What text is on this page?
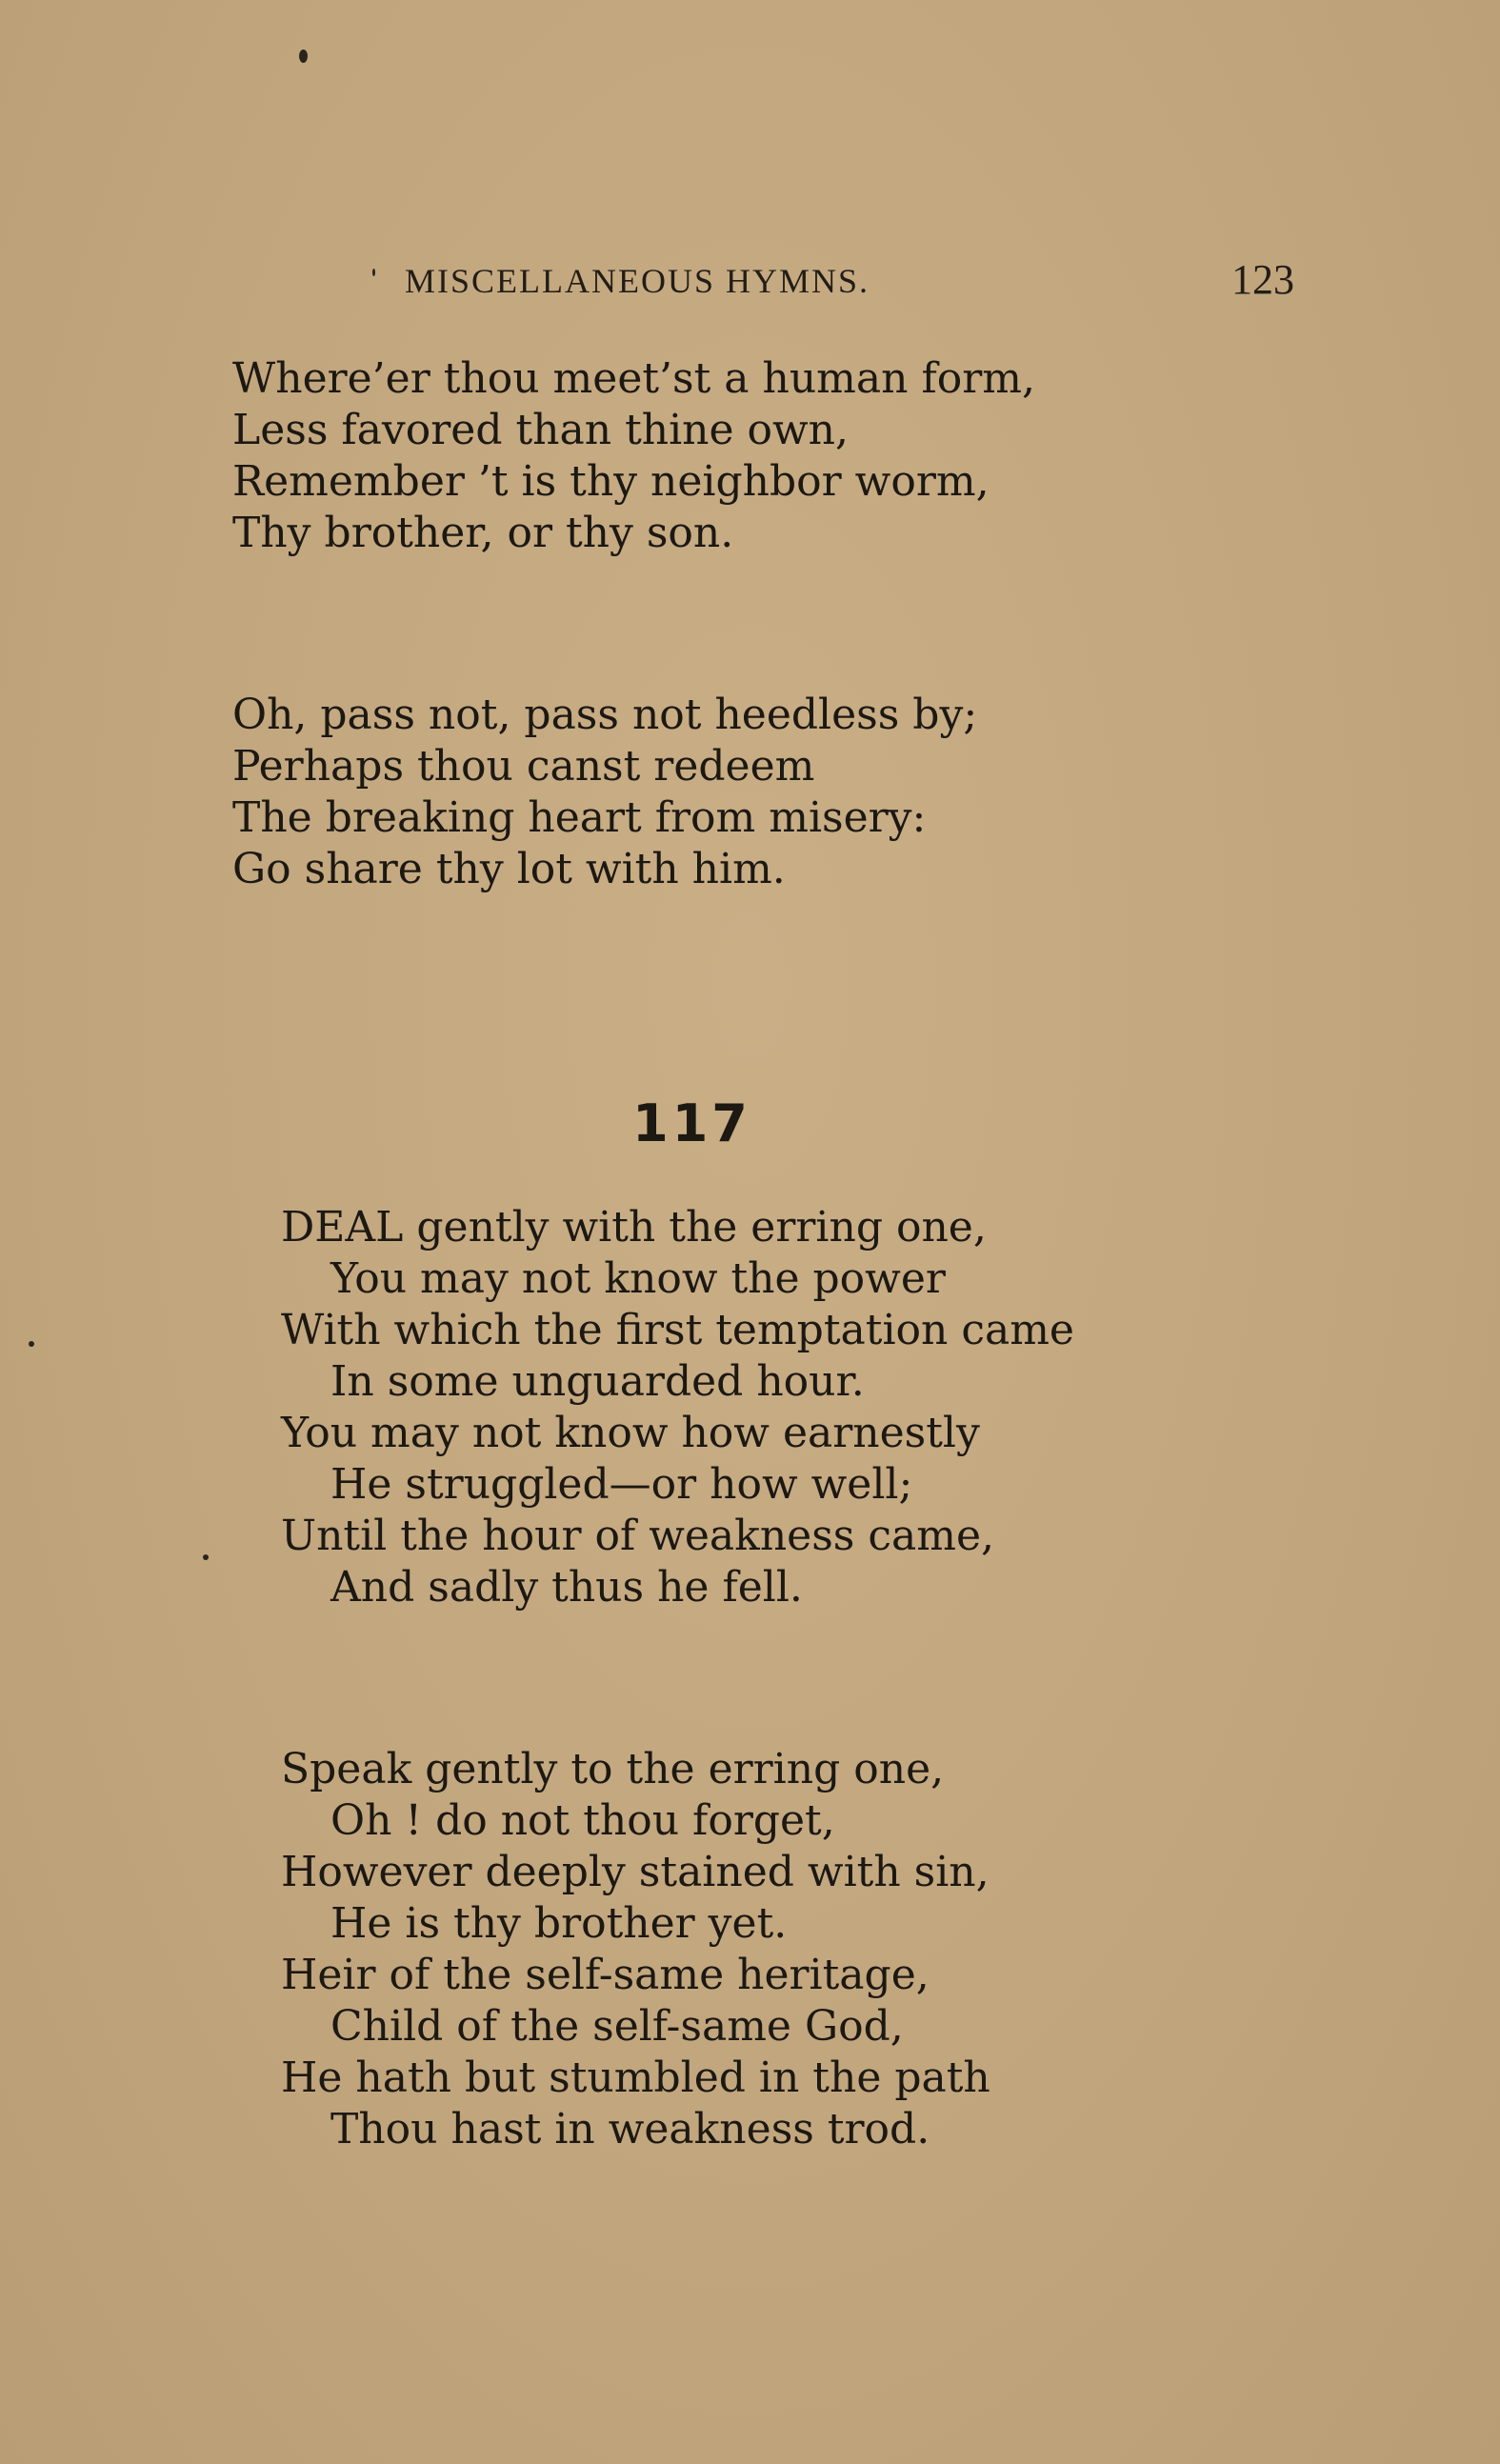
MISCELLANEOUS HYMNS.	123
Where’er thou meet’st a human form,
Less favored than thine own,
Remember ’t is thy neighbor worm,
Thy brother, or thy son.
Oh, pass not, pass not heedless by;
Perhaps thou canst redeem
The breaking heart from misery:
Go share thy lot with him.
117
DEAL gently with the erring one,
You may not know the power
With which the first temptation came
In some unguarded hour.
You may not know how earnestly
He struggled—or how well;
Until the hour of weakness came,
And sadly thus he fell.
Speak gently to the erring one,
Oh ! do not thou forget,
However deeply stained with sin,
He is thy brother yet.
Heir of the self-same heritage,
Child of the self-same God,
He hath but stumbled in the path
Thou hast in weakness trod.
